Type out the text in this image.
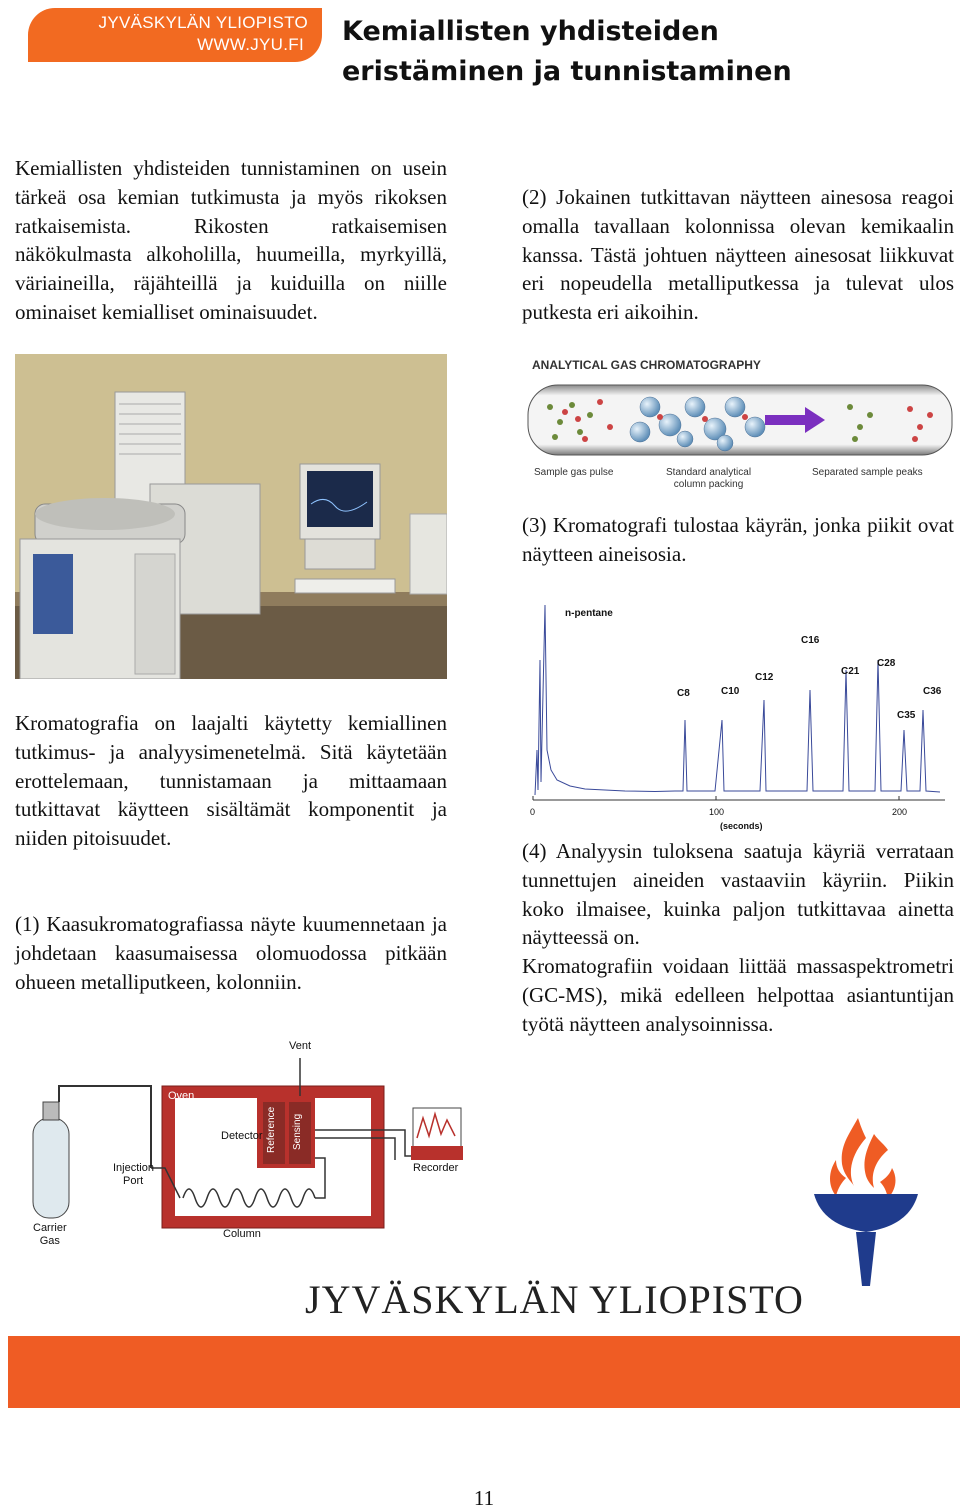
JYVÄSKYLÄN YLIOPISTO
WWW.JYU.FI Kemiallisten yhdisteiden
eristäminen ja tunnistaminen

Kemiallisten yhdisteiden tunnistaminen on usein tärkeä osa kemian tutkimusta ja myös rikoksen ratkaisemista. Rikosten ratkaisemisen näkökulmasta alkoholilla, huumeilla, myrkyillä, väriaineilla, räjähteillä ja kuiduilla on niille ominaiset kemialliset ominaisuudet.

Kromatografia on laajalti käytetty kemiallinen tutkimus- ja analyysimenetelmä. Sitä käytetään erottelemaan, tunnistamaan ja mittaamaan tutkittavat käytteen sisältämät komponentit ja niiden pitoisuudet.

(1) Kaasukromatografiassa näyte kuumennetaan ja johdetaan kaasumaisessa olomuodossa pitkään ohueen metalliputkeen, kolonniin.

(2) Jokainen tutkittavan näytteen ainesosa reagoi omalla tavallaan kolonnissa olevan kemikaalin kanssa. Tästä johtuen näytteen ainesosat liikkuvat eri nopeudella metalliputkessa ja tulevat ulos putkesta eri aikoihin.

ANALYTICAL GAS CHROMATOGRAPHY
Sample gas pulse	Standard analytical
column packing
Separated sample peaks

(3) Kromatografi tulostaa käyrän, jonka piikit ovat näytteen aineisosia.

n-pentane
C8	C10
C12
C16
C21
C28
C35
C36
0	100	200
(seconds)

(4) Analyysin tuloksena saatuja käyriä verrataan tunnettujen aineiden vastaaviin käyriin. Piikin koko ilmaisee, kuinka paljon tutkittavaa ainetta näytteessä on.

Kromatografiin voidaan liittää massaspektrometri (GC-MS), mikä edelleen helpottaa asiantuntijan työtä näytteen analysoinnissa.

Vent
Oven
Detector Reference Sensing
Recorder
Injection
Port
Carrier
Gas
Column
JYVÄSKYLÄN YLIOPISTO
11
